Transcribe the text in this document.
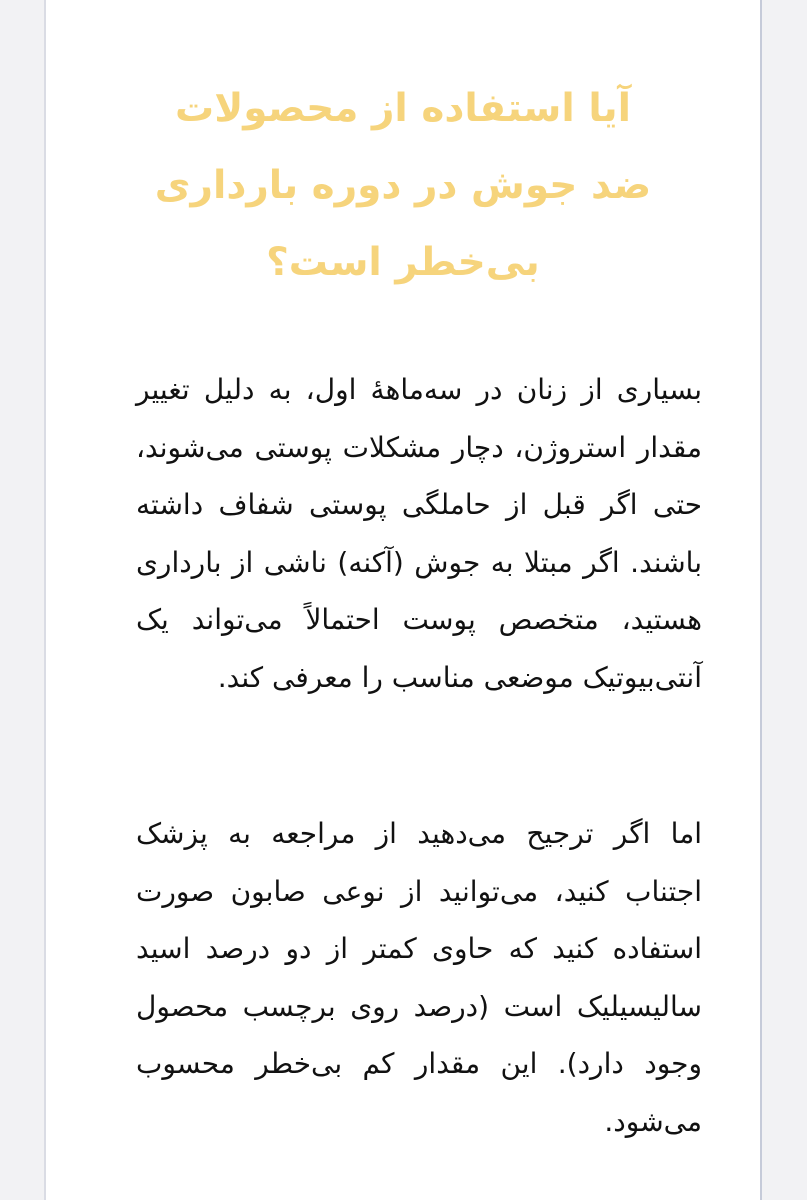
آیا استفاده از محصولات ضد جوش در دوره بارداری بی‌خطر است؟

بسیاری از زنان در سه‌ماههٔ اول، به دلیل تغییر مقدار استروژن، دچار مشکلات پوستی می‌شوند، حتی اگر قبل از حاملگی پوستی شفاف داشته باشند. اگر مبتلا به جوش (آکنه) ناشی از بارداری هستید، متخصص پوست احتمالاً می‌تواند یک آنتی‌بیوتیک موضعی مناسب را معرفی کند.

اما اگر ترجیح می‌دهید از مراجعه به پزشک اجتناب کنید، می‌توانید از نوعی صابون صورت استفاده کنید که حاوی کمتر از دو درصد اسید سالیسیلیک است (درصد روی برچسب محصول وجود دارد). این مقدار کم بی‌خطر محسوب می‌شود.
